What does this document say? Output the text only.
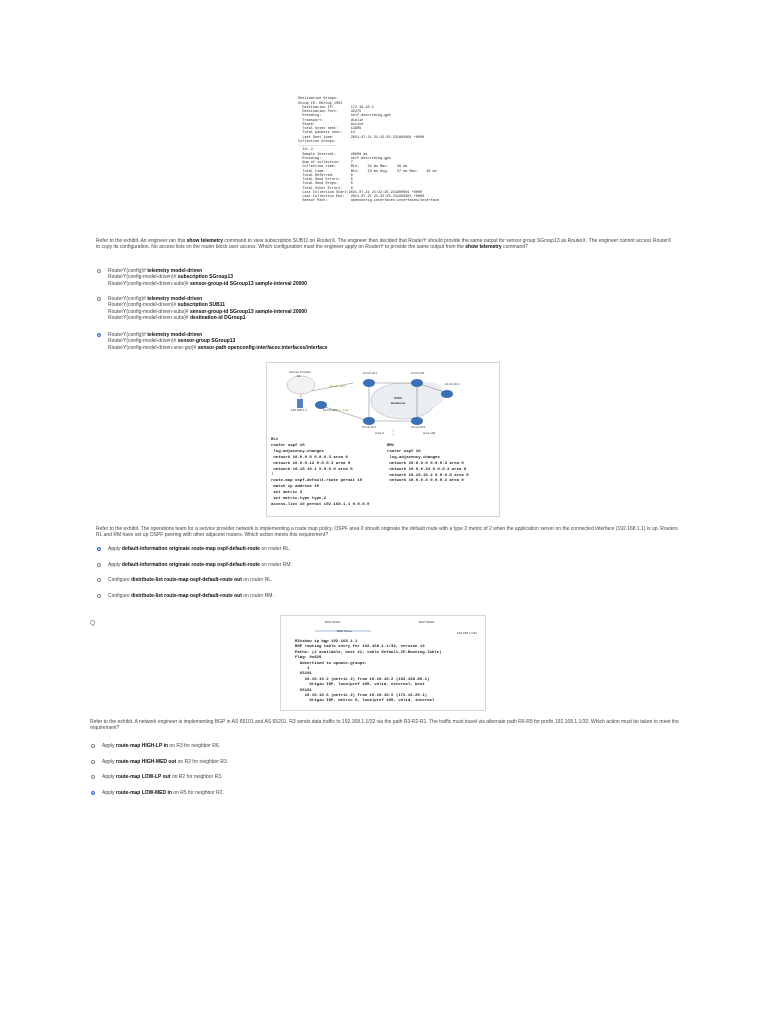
Destination Groups:
Group ID: DGroup_1001
Destination IP:        172.16.10.1
Destination Port:      32475
Encoding:              self-describing-gpb
Transport:             dialin
State:                 Active
Total bytes sent:      13909
Total packets sent:    14
Last Sent time:        2021-07-21 21:32:25.231964001 +0000
Collection Groups:
------------------
Id: 2
Sample Interval:       20000 ms
Encoding:              self-describing-gpb
Num of collection:     7
Collection time:       Min:    32 ms Max:    39 ms
Total time:            Min:    34 ms Avg:    37 ms Max:    40 ms
Total Deferred:        0
Total Send Errors:     0
Total Send Drops:      0
Total Other Errors:    0
Last Collection Start:2021-07-21 21:32:25.231900001 +0000
Last Collection End:   2021-07-21 21:32:25.231956001 +0000
Sensor Path:           openconfig-interfaces:interfaces/interface

Refer to the exhibit. An engineer ran this show telemetry command to view subscription SUB11 on RouterX. The engineer then decided that RouterY should provide the same output for sensor group SGroup13 as RouterX. The engineer cannot access RouterX to copy its configuration. No access lists on the router block user access. Which configuration must the engineer apply on RouterY to provide the same output from the show telemetry command?
RouterY(config)# telemetry model-driven
RouterY(config-model-driven)# subscription SGroup13
RouterY(config-model-driven-subs)# sensor-group-id SGroup13 sample-interval 20000
RouterY(config)# telemetry model-driven
RouterY(config-model-driven)# subscription SUB11
RouterY(config-model-driven-subs)# sensor-group-id SGroup13 sample-interval 20000
RouterY(config-model-driven-subs)# destination-id DGroup1
RouterY(config)# telemetry model-driven
RouterY(config-model-driven)# sensor-group SGroup13
RouterY(config-model-driven-snsr-grp)# sensor-path openconfig-interfaces:interfaces/interface
Service Provider
R1
10.10.10.5
10.10.10.1	10.0.0.6/2
10.10.10.4
192.168.1.1
OSPF
Backbone
10.10.10.1	10.10.10.5
Area 0	Area 100
default route
Not to scale
RL#
router ospf 10
log-adjacency-changes
network 10.0.0.0 0.0.0.3 area 0
network 10.0.0.12 0.0.0.3 area 0
network 10.10.10.1 0.0.0.0 area 0
!
route-map ospf-default-route permit 10
match ip address 10
set metric 2
set metric-type type-2
access-list 10 permit 192.168.1.1 0.0.0.0
RM#
router ospf 10
log-adjacency-changes
network 10.0.0.0 0.0.0.3 area 0
network 10.0.0.24 0.0.0.3 area 0
network 10.10.10.2 0.0.0.0 area 0
network 10.0.0.4 0.0.0.3 area 0
Refer to the exhibit. The operations team for a service provider network is implementing a route map policy. OSPF area 0 should originate the default route with a type 2 metric of 2 when the application server on the connected interface (192.168.1.1) is up. Routers RL and RM have set up OSPF peering with other adjacent routers. Which action meets this requirement?
Apply default-information originate route-map ospf-default-route on router RL.
Apply default-information originate route-map ospf-default-route on router RM.
Configure distribute-list route-map ospf-default-route out on router RL.
Configure distribute-list route-map ospf-default-route out on router RM.
Q	BGP 65101	BGP 65201
BGP Peers	192.168.1.1/32
R3#show ip bgp 192.168.1.1
BGP routing table entry for 192.168.1.1/32, version 14
Paths: (2 available, best #1, table Default-IP-Routing-Table)
Flag: 0x820
Advertised to update-groups:
1
65101
10.10.10.2 (metric 2) from 10.10.10.2 (192.168.80.1)
Origin IGP, localpref 100, valid, external, best
65101
10.10.10.6 (metric 2) from 10.10.10.6 (172.16.20.1)
Origin IGP, metric 0, localpref 100, valid, internal
Refer to the exhibit. A network engineer is implementing BGP in AS 65101 and AS 65201. R3 sends data traffic to 192.168.1.1/32 via the path R3-R2-R1. The traffic must travel via alternate path R6-R5 for prefix 192.168.1.1/32. Which action must be taken to meet the requirement?
Apply route-map HIGH-LP in on R3 for neighbor R6.
Apply route-map HIGH-MED out on R2 for neighbor R3.
Apply route-map LOW-LP out on R2 for neighbor R3.
Apply route-map LOW-MED in on R5 for neighbor R2.
